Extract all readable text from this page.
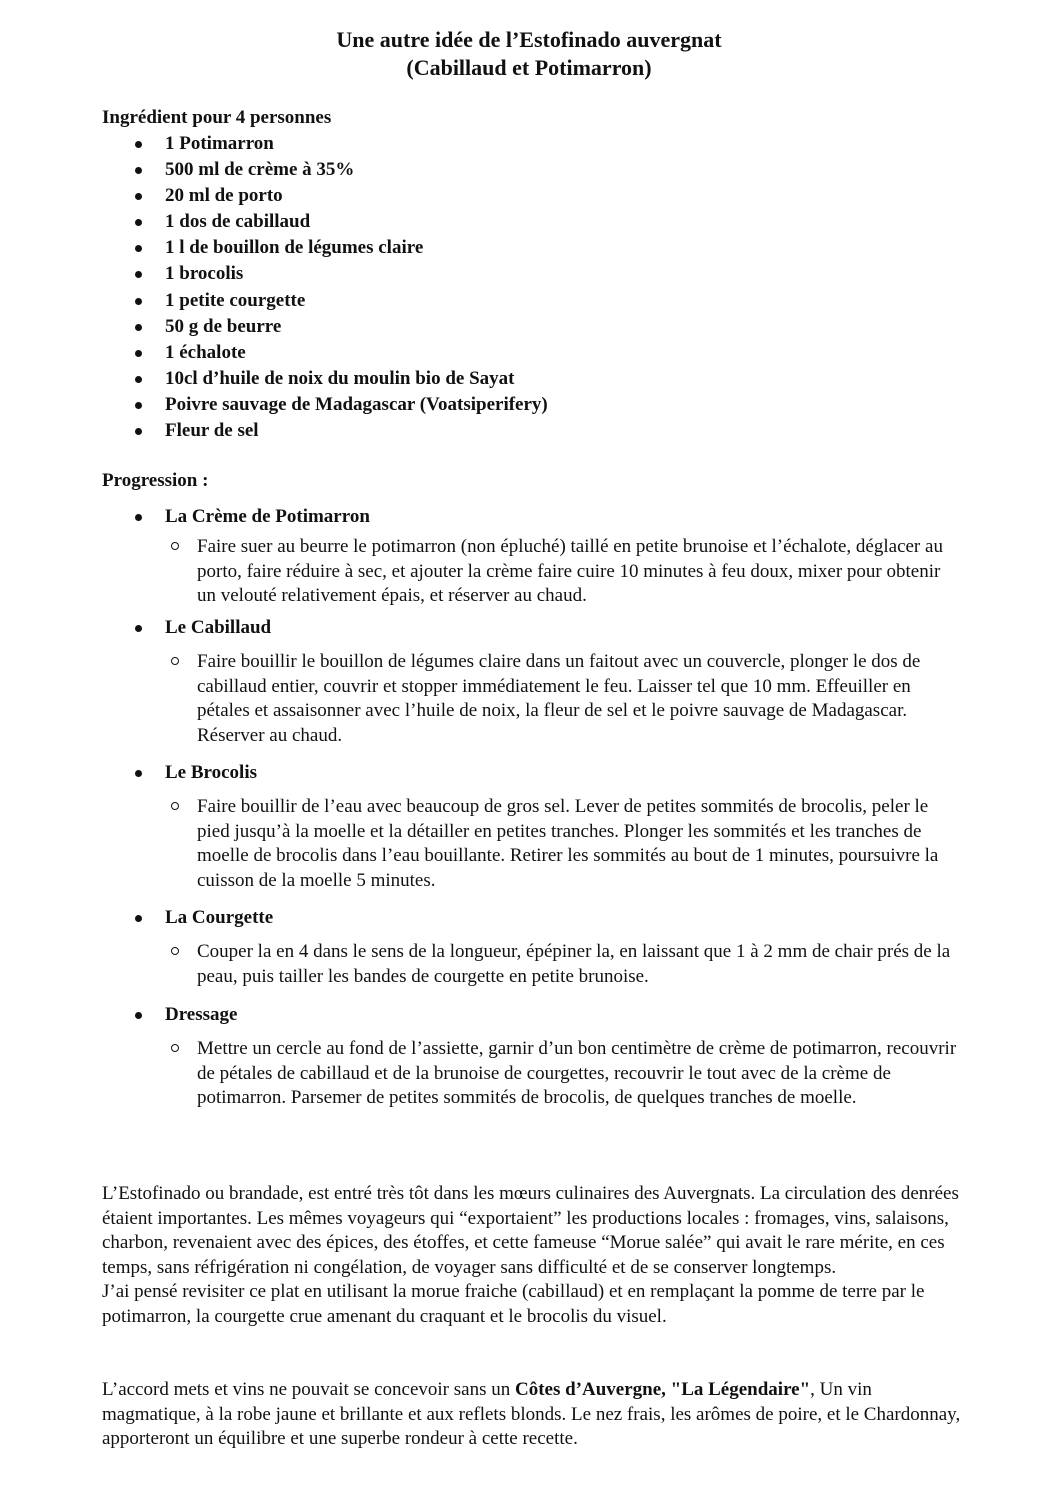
Une autre idée de l’Estofinado auvergnat
(Cabillaud et Potimarron)
Ingrédient pour 4 personnes
1 Potimarron
500 ml de crème à 35%
20 ml de porto
1 dos de cabillaud
1 l de bouillon de légumes claire
1 brocolis
1 petite courgette
50 g de beurre
1 échalote
10cl d’huile de noix du moulin bio de Sayat
Poivre sauvage de Madagascar (Voatsiperifery)
Fleur de sel
Progression :
La Crème de Potimarron
Faire suer au beurre le potimarron (non épluché) taillé en petite brunoise et l’échalote, déglacer au porto, faire réduire à sec, et ajouter la crème faire cuire 10 minutes à feu doux, mixer pour obtenir un velouté relativement épais, et réserver au chaud.
Le Cabillaud
Faire bouillir le bouillon de légumes claire dans un faitout avec un couvercle, plonger le dos de cabillaud entier, couvrir et stopper immédiatement le feu. Laisser tel que 10 mm. Effeuiller en pétales et assaisonner avec l’huile de noix, la fleur de sel et le poivre sauvage de Madagascar. Réserver au chaud.
Le Brocolis
Faire bouillir de l’eau avec beaucoup de gros sel. Lever de petites sommités de brocolis, peler le pied jusqu’à la moelle et la détailler en petites tranches. Plonger les sommités et les tranches de moelle de brocolis dans l’eau bouillante. Retirer les sommités au bout de 1 minutes, poursuivre la cuisson de la moelle 5 minutes.
La Courgette
Couper la en 4 dans le sens de la longueur, épépiner la, en laissant que 1 à 2 mm de chair prés de la peau, puis tailler les bandes de courgette en petite brunoise.
Dressage
Mettre un cercle au fond de l’assiette, garnir d’un bon centimètre de crème de potimarron, recouvrir de pétales de cabillaud et de la brunoise de courgettes, recouvrir le tout avec de la crème de potimarron. Parsemer de petites sommités de brocolis, de quelques tranches de moelle.
L’Estofinado ou brandade, est entré très tôt dans les mœurs culinaires des Auvergnats. La circulation des denrées étaient importantes. Les mêmes voyageurs qui “exportaient” les productions locales : fromages, vins, salaisons, charbon, revenaient avec des épices, des étoffes, et cette fameuse “Morue salée” qui avait le rare mérite, en ces temps, sans réfrigération ni congélation, de voyager sans difficulté et de se conserver longtemps.
J’ai pensé revisiter ce plat en utilisant la morue fraiche (cabillaud) et en remplaçant la pomme de terre par le potimarron, la courgette crue amenant du craquant et le brocolis du visuel.
L’accord mets et vins ne pouvait se concevoir sans un Côtes d’Auvergne, "La Légendaire", Un vin magmatique, à la robe jaune et brillante et aux reflets blonds. Le nez frais, les arômes de poire, et le Chardonnay, apporteront un équilibre et une superbe rondeur à cette recette.
